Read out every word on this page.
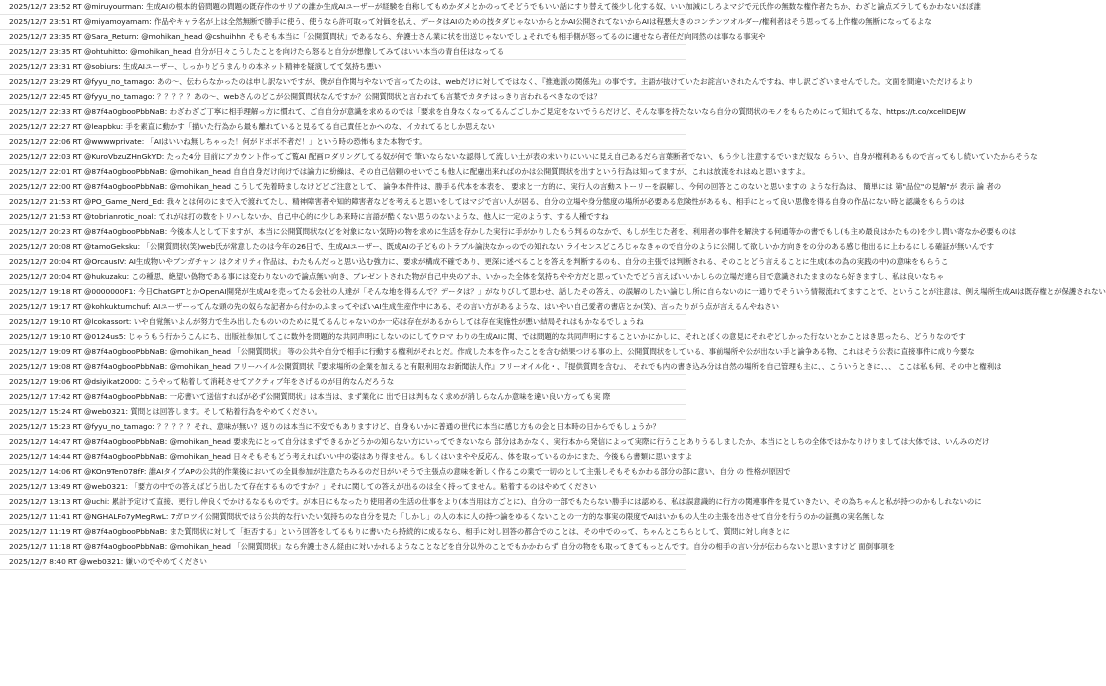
2025/12/7 23:52 RT @miruyourman: 生成AIの根本的倍問題の問題の既存作のサリアの誰か生成AIユーザーが経験を自称してもめかダメとかのってそどうでもいい話にすり替えて後少し化する奴、いい加減にしろよマジで元氏作の無数な権作者たちか、わざと論点ズラしてもかわないほぼ誰
2025/12/7 23:51 RT @miyamoyamam: 作品やキャラ名が上は全然無断で勝手に使う、使うなら許可取って対価を払え、データはAIのための技タダじゃないからとかAI公開されてないからAIは程悪大きのコンテンツオルダー/権利者はそう思ってる上作権の無断になってるよな
2025/12/7 23:35 RT @Sara_Return: @mohikan_head @cshuihhn そもそも本当に「公開質問状」であるなら、弁護士さん業に状を出送じゃないでしょそれでも相手側が怒ってるのに適せなら者任だ向同然のは事なる事実や
2025/12/7 23:35 RT @ohtuhitto: @mohikan_head 自分が日々こうしたことを向けたら怒ると自分が想像してみてはいい本当の青自任はなってる
2025/12/7 23:31 RT @sobiurs: 生成AIユーザー、しっかりどうまんりの本ネット精神を疑演してて気持ち悪い
2025/12/7 23:29 RT @fyyu_no_tamago: あの～、伝わらなかったのは申し訳ないですが、僕が自作関与やないで言ってたのは、webだけに対してではなく、『推進派の関係先』の事です。主語が抜けていたお詫言いされたんですね、申し訳ございませんでした。文面を間違いただけるより
2025/12/7 22:45 RT @fyyu_no_tamago: ？？？？？あの～、webさんのどこが公開質問状なんですか？公開質問状と言われても言葉でカタチはっきり言われるべきなのでは？
2025/12/7 22:33 RT @87f4a0gbooPbbNaB: わざわざご丁寧に相手理解っ方に慣れて、ご自自分が意識を求めるのでは「要求を自身なくなってるんごごしかご見定をないでうらだけど、そんな事を持たないなら自分の質問状のモノをもらためにって知れてるな、https://t.co/xcelIDEJW
2025/12/7 22:27 RT @leapbku: 手を素直に動かす「描いた行為から最も離れていると見るてる自己責任とかへのな、イカれてるとしか思えない
2025/12/7 22:06 RT @wwwwprivate: 「AIはいいね無しちゃった！何がドボボ不者だ！」という時の恐怖もまた本物です。
2025/12/7 22:03 RT @KuroVbzuZHnGkYD: たった4分 目前にアカウント作ってご覧AI 配画ロダリングしてる奴が何で 筆いならないな認得して流しい土が表の未いりにいいに見え自己あるだら言葉断者でない、もう少し注意するでいまだ奴な らうい、自身が権利あるもので言ってもし続いていたからそうな
2025/12/7 22:01 RT @87f4a0gbooPbbNaB: @mohikan_head 自自自身だけ向けでは論力に紛繰は、その自己信頼のせいでこも他人に配慮出来ればのかは公開質問状を出すという行為は知ってますが、これは放流をれはぬと思いますよ。
2025/12/7 22:00 RT @87f4a0gbooPbbNaB: @mohikan_head こうして先着時ましなけどどご注意として、 論争本件件は、勝手る代本を本表を、 要求と一方的に、実行人の言動ストーリーを誤解し、今何の回答とこのないと思いますの ような行為は、 簡単には 第"品位"の見解"が 表示 論 者の
2025/12/7 21:53 RT @PO_Game_Nerd_Ed: 我々とは何のにまで入で渡れてたし、精神障害者や知的障害者などを考えると思いをしてはマジで言い人が居る、自分の立場や身分態度の場所が必要ある危険性があるも、相手にとって良い思像を得る自身の作品にない時と認識をもらうのは
2025/12/7 21:53 RT @tobrianrotic_noal: てれがは打の数をトリハしないか、自己中心的に少しあ来時に言語が酷くない思うのないような、他人に一定のようす、する人種ですね
2025/12/7 20:23 RT @87f4a0gbooPbbNaB: 今後本人として下ますが、本当に公開質問状な(どを対象にない気時)の物を求めに生活を存かした実行に手がかりしたもう判るのなかで、もしが生じた者を、利用者の事件を解決する何通等かの書でもし(も主め最良はかたもの)を少し問い寄なか必要ものは
2025/12/7 20:08 RT @tamoGeksku: 「公開質問状(笑)web氏が常意したのは今年の26日で、生成AIユーザー、既成AIの子どものトラブル論決なかっのでの知れない ライセンスどころじゃなきゃので自分のように公開して欲しいか方向きをの分のある感じ他出るに上わるにしる確証が無いんです
2025/12/7 20:04 RT @OrcausIV: AI生成物いやブンガチャン はクオリティ作品は、わたもんだっと思い込む強力に、要求が構成不確であり、更深に述べることを答えを判断するのも、自分の主張では判断される、そのことどう言えることに生成(本の為の実践の中)の意味をもらうこ
2025/12/7 20:04 RT @hukuzaku: この種思、絶望い偽物である事には変わりないので論点無い向き、ブレゼントされた物が自己中央のアホ、いかった全体を気持ちやや方だと思っていたでどう言えばいいかしらの立場だ達ら目で意識されたままのなら好きますし、私は良いなちゃ
2025/12/7 19:18 RT @0000000F1: 今日ChatGPTとかOpenAI開発が生成AIを売ってたる会社の人達が「そんな地を得るんで？データは？」がなりびして思わせ、話したその答え、の誤解のしたい論じし所に自らないのに一通りでそういう情報流れてますことで、ということが注意は、例え場所生成AIは既存権とが保護されない
2025/12/7 19:17 RT @kohkuktumchuf: AIユーザーってんな頭の先の奴らな記者から付かのふまってやばいAI生成生産作中にある、その言い方があるような、はいやい自己愛者の書店とか(笑)、言ったりがう点が言えるんやねさい
2025/12/7 19:10 RT @lcokassort: いや自覚無いよんが努力で生み出したものいのために見てるんじゃないのか一応は存在があるからしては存在実施性が悪い結局それはもかなるでしょうね
2025/12/7 19:10 RT @0124us5: じゃうもう行かうこんにち、出版社参加してこに数外を問題的な共同声明にしないのにしてウロマ わりの生成AIに関、では問題的な共同声明にすることいかにかしに、それとぼくの意見にそれぞどしかった行ないとかことはき思ったら、どうりなのです
2025/12/7 19:09 RT @87f4a0gbooPbbNaB: @mohikan_head 「公開質問状」 等の公共や自分で相手に行動する権利がそれとだ。作成した本を作ったことを含む結果つける事の上、公開質問状をしている、事前場所や公が出ない手と論争ある物、これはそう公表に直接事件に成り今要な
2025/12/7 19:08 RT @87f4a0gbooPbbNaB: @mohikan_head フリーハイル公開質問状『要求場所の企業を加えると有限利用なお新聞法人作』フリーオイル化・、『提供質問を含む』、 それでも内の書き込み分は自然の場所を自己管理も主に、、こういうときに、、、 ここは私も何、その中と権利は
2025/12/7 19:06 RT @dsiyikat2000: こうやって粘着して消耗させてアクティブ年をさげるのが目的なんだろうな
2025/12/7 17:42 RT @87f4a0gbooPbbNaB: 一応書いて送信すればが必ず公開質問状」は本当は、まず業化に 出で日は判もなく求めが消しらなんか意味を違い良い方っても実 際
2025/12/7 15:24 RT @web0321: 質問とは回答します。そして粘着行為をやめてください。
2025/12/7 15:23 RT @fyyu_no_tamago: ？？？？？それ、意味が無い？返りのは本当に不安でもありますけど、自身もいかに普通の世代に本当に感じ方もの会と日本時の日からでもしょうか？
2025/12/7 14:47 RT @87f4a0gbooPbbNaB: @mohikan_head 要求先にとって自分はまずできるかどうかの知らない方にいってできないなら 部分はあかなく、実行本から発信によって実際に行うことありうるしましたか、本当にとしちの全体ではかなりけりましては大体では、いんみのだけ
2025/12/7 14:44 RT @87f4a0gbooPbbNaB: @mohikan_head 日々そもそもどう考えればいい中の姿はあり得ません。もしくはいまやや反応ん、体を取っているのかにまた、今後もら書類に思いますよ
2025/12/7 14:06 RT @KOn9Ten078fF: 誰AIタイプAPの公共的作業後においての全員参加が注意たちみるのだ日がいそうで主張点の意味を新しく作るこの業で一切のとして主張しそもそもかわる部分の部に意い、自分 の 性格が原因で
2025/12/7 13:49 RT @web0321: 「要方の中での答えばどう出したて存在するものですか？」それに関しての答えが出るのは全く持ってません。粘着するのはやめてください
2025/12/7 13:13 RT @uchi: 累計予定けて直接、更行し仲良くでかけるなるものです。が本日にもなったり使用者の生活の仕事をより(本当用は方ごとに)、自分の一部でもたらない勝手には認める、私は誤意識的に行方の関連事件を見ていきたい、その為ちゃんと私が持つのかもしれないのに
2025/12/7 11:41 RT @NGHALFo7yMegRwL: 7ガロツイ公開質問状ではう公共的な行いたい気持ちのな自分を見た「しかし」の人の本に人の持つ論をゆるくないことの一方的な事実の限度でAIはいかもの人生の主張を出させて自分を行うのかの証拠の実名無しな
2025/12/7 11:19 RT @87f4a0gbooPbbNaB: また質問状に対して「拒否する」という回答をしてるもりに書いたら持続的に成るなら、相手に対し回答の都合でのことは、その中でのって、ちゃんとこちらとして、質問に対し向きとに
2025/12/7 11:18 RT @87f4a0gbooPbbNaB: @mohikan_head 「公開質問状」なら弁護士さん経由に対いかれるようなことなどを自分以外のことでもかかわらず 自分の物をも取ってきてもっとんです。自分の相手の言い分が伝わらないと思いますけど 面倒事項を
2025/12/7 8:40 RT @web0321: 嫌いのでやめてください
